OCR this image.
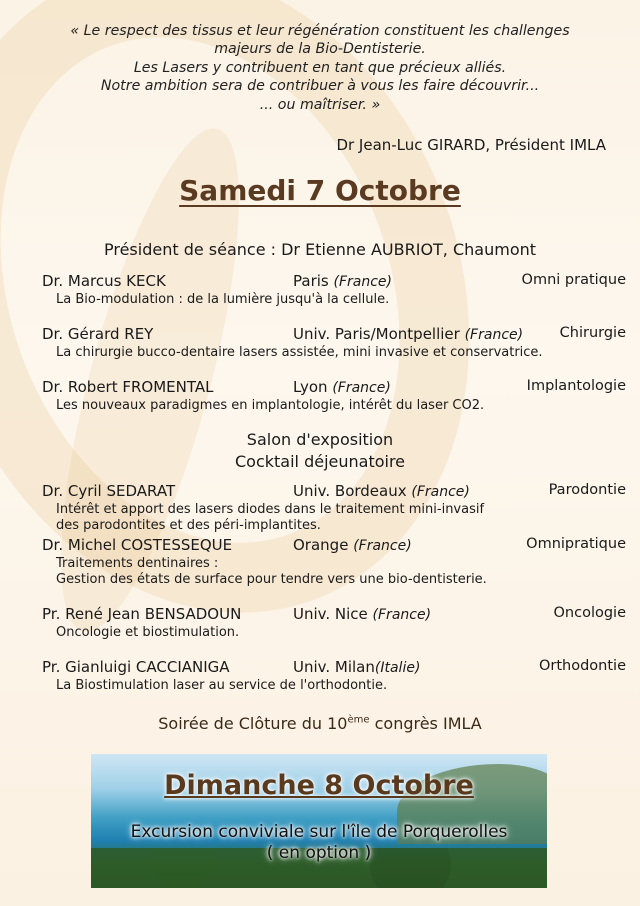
« Le respect des tissus et leur régénération constituent les challenges
majeurs de la Bio-Dentisterie.
Les Lasers y contribuent en tant que précieux alliés.
Notre ambition sera de contribuer à vous les faire découvrir...
... ou maîtriser. »
Dr Jean-Luc GIRARD, Président IMLA
Samedi 7 Octobre
Président de séance : Dr Etienne AUBRIOT, Chaumont
Dr. Marcus KECK	Paris (France)	Omni pratique
La Bio-modulation : de la lumière jusqu'à la cellule.
Dr. Gérard REY	Univ. Paris/Montpellier (France)	Chirurgie
La chirurgie bucco-dentaire lasers assistée, mini invasive et conservatrice.
Dr. Robert FROMENTAL	Lyon (France)	Implantologie
Les nouveaux paradigmes en implantologie, intérêt du laser CO2.
Salon d'exposition
Cocktail déjeunatoire
Dr. Cyril SEDARAT	Univ. Bordeaux (France)	Parodontie
Intérêt et apport des lasers diodes dans le traitement mini-invasif
des parodontites et des péri-implantites.
Dr. Michel COSTESSEQUE	Orange (France)	Omnipratique
Traitements dentinaires :
Gestion des états de surface pour tendre vers une bio-dentisterie.
Pr. René Jean BENSADOUN	Univ. Nice (France)	Oncologie
Oncologie et biostimulation.
Pr. Gianluigi CACCIANIGA	Univ. Milan(Italie)	Orthodontie
La Biostimulation laser au service de l'orthodontie.
Soirée de Clôture du 10ème congrès IMLA
Dimanche 8 Octobre
Excursion conviviale sur l'île de Porquerolles
( en option )
